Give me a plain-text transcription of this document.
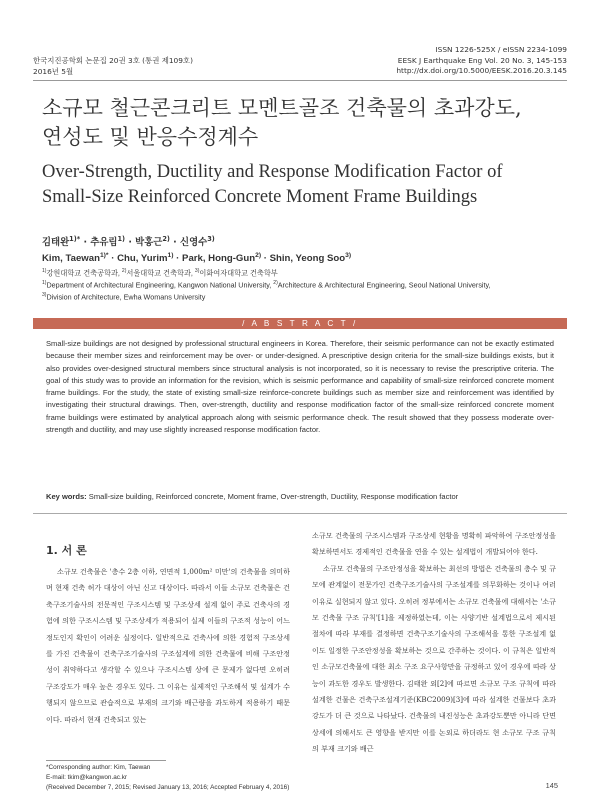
한국지진공학회 논문집 20권 3호 (통권 제109호)
2016년 5월
ISSN 1226-525X / eISSN 2234-1099
EESK J Earthquake Eng Vol. 20 No. 3, 145-153
http://dx.doi.org/10.5000/EESK.2016.20.3.145
소규모 철근콘크리트 모멘트골조 건축물의 초과강도,
연성도 및 반응수정계수
Over-Strength, Ductility and Response Modification Factor of
Small-Size Reinforced Concrete Moment Frame Buildings
김태완$^{1)*}$ · 추유림$^{1)}$ · 박홍근$^{2)}$ · 신영수$^{3)}$
Kim, Taewan$^{1)*}$ · Chu, Yurim$^{1)}$ · Park, Hong-Gun$^{2)}$ · Shin, Yeong Soo$^{3)}$
$^{1)}$강원대학교 건축공학과, $^{2)}$서울대학교 건축학과, $^{3)}$이화여자대학교 건축학부
$^{1)}$Department of Architectural Engineering, Kangwon National University, $^{2)}$Architecture & Architectural Engineering, Seoul National University,
$^{3)}$Division of Architecture, Ewha Womans University
/ A B S T R A C T /
Small-size buildings are not designed by professional structural engineers in Korea. Therefore, their seismic performance can not be exactly estimated because their member sizes and reinforcement may be over- or under-designed. A prescriptive design criteria for the small-size buildings exists, but it also provides over-designed structural members since structural analysis is not incorporated, so it is necessary to revise the prescriptive criteria. The goal of this study was to provide an information for the revision, which is seismic performance and capability of small-size reinforced concrete moment frame buildings. For the study, the state of existing small-size reinforce-concrete buildings such as member size and reinforcement was identified by investigating their structural drawings. Then, over-strength, ductility and response modification factor of the small-size reinforced concrete moment frame buildings were estimated by analytical approach along with seismic performance check. The result showed that they possess moderate over-strength and ductility, and may use slightly increased response modification factor.
Key words: Small-size building, Reinforced concrete, Moment frame, Over-strength, Ductility, Response modification factor
1. 서 론

소규모 건축물은 '층수 2층 이하, 연면적 1,000m² 미만'의 건축물을 의미하며 현재 건축 허가 대상이 아닌 신고 대상이다. 따라서 이들 소규모 건축물은 건축구조기술사의 전문적인 구조시스템 및 구조상세 설계 없이 주로 건축사의 경험에 의한 구조시스템 및 구조상세가 적용되어 실제 이들의 구조적 성능이 어느 정도인지 확인이 어려운 실정이다. 일반적으로 건축사에 의한 경험적 구조상세를 가진 건축물이 건축구조기술사의 구조설계에 의한 건축물에 비해 구조안정성이 취약하다고 생각할 수 있으나 구조시스템 상에 큰 문제가 없다면 오히려 구조강도가 매우 높은 경우도 있다. 그 이유는 실제적인 구조해석 및 설계가 수행되지 않으므로 관습적으로 부재의 크기와 배근량을 과도하게 적용하기 때문이다. 따라서 현재 건축되고 있는

소규모 건축물의 구조시스템과 구조상세 현황을 명확히 파악하여 구조안정성을 확보하면서도 경제적인 건축물을 연을 수 있는 설계법이 개발되어야 한다.

소규모 건축물의 구조안정성을 확보하는 최선의 방법은 건축물의 층수 및 규모에 관계없이 전문가인 건축구조기술사의 구조설계를 의무화하는 것이나 여러 이유로 실현되지 않고 있다. 오히려 정부에서는 소규모 건축물에 대해서는 '소규모 건축물 구조 규칙'[1]을 제정하였는데, 이는 사양기반 설계법으로서 제시된 절차에 따라 부재를 결정하면 건축구조기술사의 구조해석을 통한 구조설계 없이도 일정한 구조안정성을 확보하는 것으로 간주하는 것이다. 이 규칙은 일반적인 소규모건축물에 대한 최소 구조 요구사항만을 규정하고 있어 경우에 따라 상능이 과도한 경우도 발생한다. 김태완 외[2]에 따르면 소규모 구조 규칙에 따라 설계한 건물은 건축구조설계기준(KBC2009)[3]에 따라 설계한 건물보다 초과강도가 더 큰 것으로 나타났다. 건축물의 내진성능은 초과강도뿐만 아니라 단면상세에 의해서도 큰 영향을 받지만 이를 논외로 하더라도 현 소규모 구조 규칙의 부재 크기와 배근

*Corresponding author: Kim, Taewan
E-mail: tkim@kangwon.ac.kr
(Received December 7, 2015; Revised January 13, 2016; Accepted February 4, 2016)	145
